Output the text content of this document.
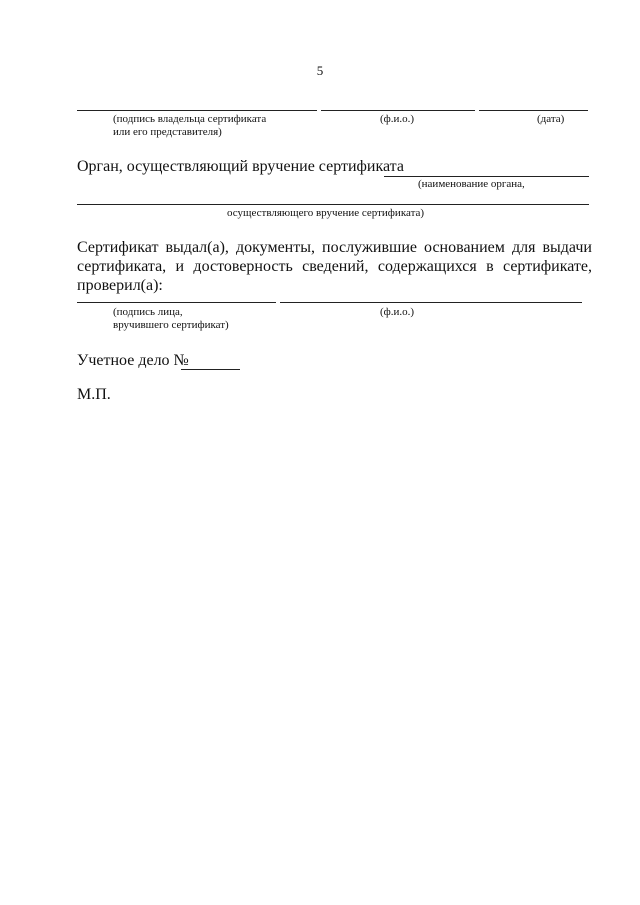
5
(подпись владельца сертификата
или его представителя)
(ф.и.о.)	(дата)
Орган, осуществляющий вручение сертификата
(наименование органа,
осуществляющего вручение сертификата)
Сертификат выдал(а), документы, послужившие основанием для выдачи
сертификата, и достоверность сведений, содержащихся в сертификате,
проверил(а):
(подпись лица,
вручившего сертификат)
(ф.и.о.)
Учетное дело №
М.П.
